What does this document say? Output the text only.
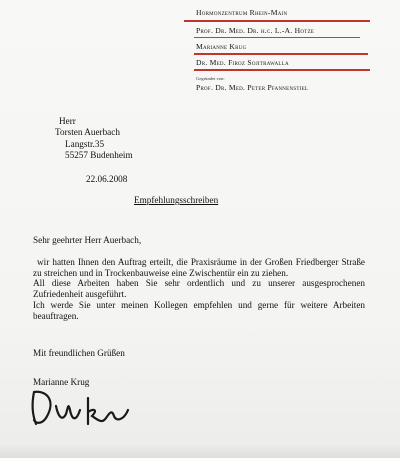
Hormonzentrum Rhein-Main
Prof. Dr. Med. Dr. h.c. L.-A. Hotze
Marianne Krug
Dr. Med. Firoz Sojitrawalla
Gegründet von:
Prof. Dr. Med. Peter Pfannenstiel
Herr
Torsten Auerbach
Langstr.35
55257 Budenheim
22.06.2008
Empfehlungsschreiben
Sehr geehrter Herr Auerbach,

wir hatten Ihnen den Auftrag erteilt, die Praxisräume in der Großen Friedberger Straße zu streichen und in Trockenbauweise eine Zwischentür ein zu ziehen.

All diese Arbeiten haben Sie sehr ordentlich und zu unserer ausgesprochenen Zufriedenheit ausgeführt.

Ich werde Sie unter meinen Kollegen empfehlen und gerne für weitere Arbeiten beauftragen.

Mit freundlichen Grüßen
Marianne Krug
